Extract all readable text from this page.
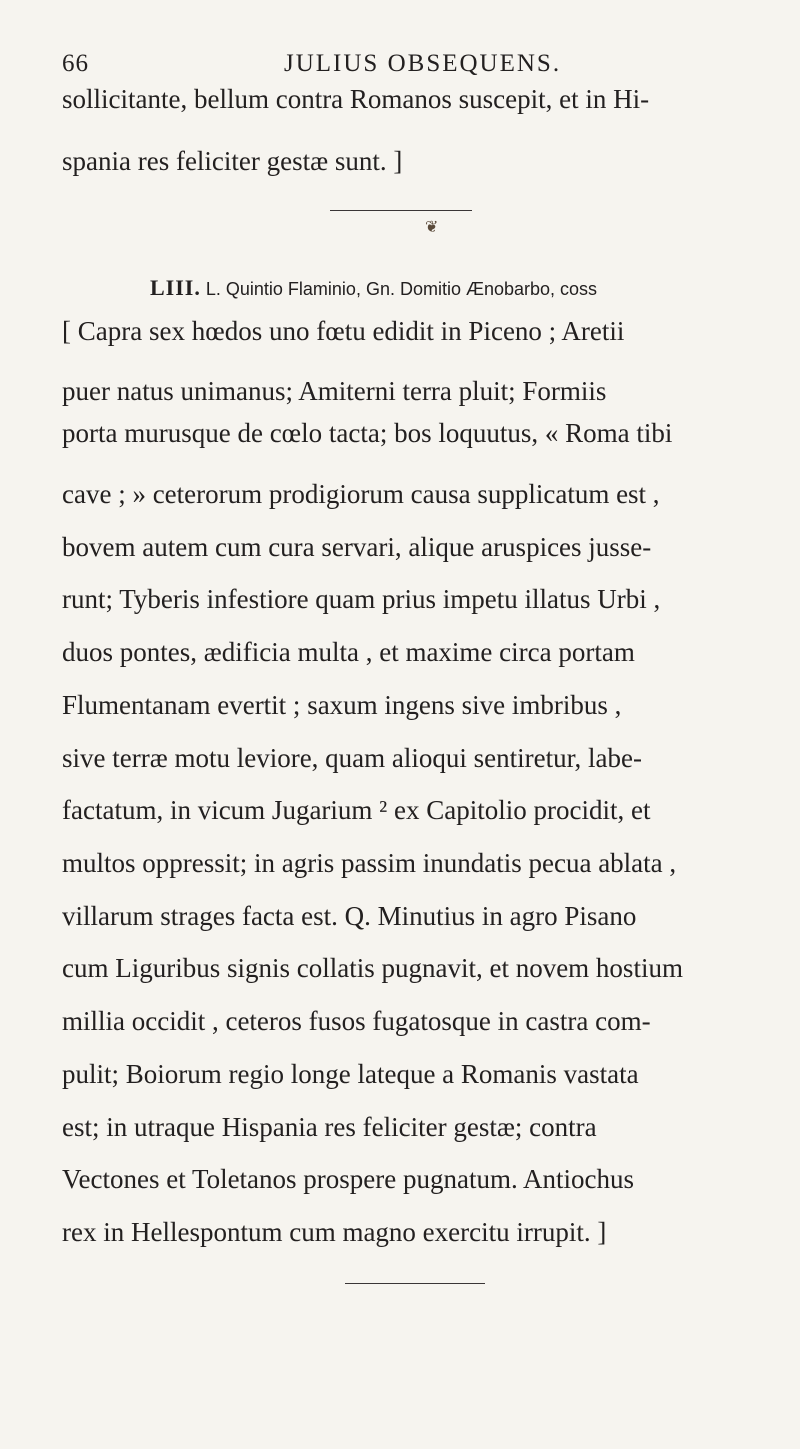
66	JULIUS OBSEQUENS.
sollicitante, bellum contra Romanos suscepit, et in Hi-
spania res feliciter gestæ sunt. ]
❦
LIII. L. Quintio Flaminio, Gn. Domitio Ænobarbo, coss
[ Capra sex hœdos uno fœtu edidit in Piceno ; Aretii
puer natus unimanus; Amiterni terra pluit; Formiis
porta murusque de cœlo tacta; bos loquutus, « Roma tibi
cave ; » ceterorum prodigiorum causa supplicatum est ,
bovem autem cum cura servari, alique aruspices jusse-
runt; Tyberis infestiore quam prius impetu illatus Urbi ,
duos pontes, ædificia multa , et maxime circa portam
Flumentanam evertit ; saxum ingens sive imbribus ,
sive terræ motu leviore, quam alioqui sentiretur, labe-
factatum, in vicum Jugarium ² ex Capitolio procidit, et
multos oppressit; in agris passim inundatis pecua ablata ,
villarum strages facta est. Q. Minutius in agro Pisano
cum Liguribus signis collatis pugnavit, et novem hostium
millia occidit , ceteros fusos fugatosque in castra com-
pulit; Boiorum regio longe lateque a Romanis vastata
est; in utraque Hispania res feliciter gestæ; contra
Vectones et Toletanos prospere pugnatum. Antiochus
rex in Hellespontum cum magno exercitu irrupit. ]
